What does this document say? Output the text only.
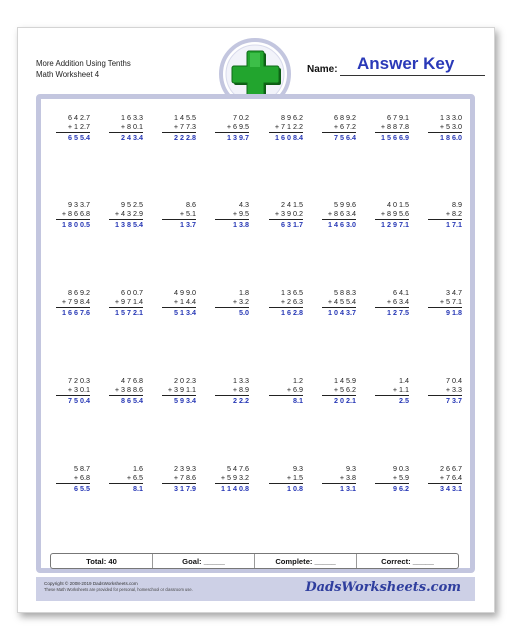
More Addition Using Tenths
Math Worksheet 4	Name: Answer Key
6 4 2.7
+ 1 2.7
6 5 5.4
1 6 3.3
+ 8 0.1
2 4 3.4
1 4 5.5
+ 7 7.3
2 2 2.8
7 0.2
+ 6 9.5
1 3 9.7
8 9 6.2
+ 7 1 2.2
1 6 0 8.4
6 8 9.2
+ 6 7.2
7 5 6.4
6 7 9.1
+ 8 8 7.8
1 5 6 6.9
1 3 3.0
+ 5 3.0
1 8 6.0
9 3 3.7
+ 8 6 6.8
1 8 0 0.5
9 5 2.5
+ 4 3 2.9
1 3 8 5.4
8.6
+ 5.1
1 3.7
4.3
+ 9.5
1 3.8
2 4 1.5
+ 3 9 0.2
6 3 1.7
5 9 9.6
+ 8 6 3.4
1 4 6 3.0
4 0 1.5
+ 8 9 5.6
1 2 9 7.1
8.9
+ 8.2
1 7.1
8 6 9.2
+ 7 9 8.4
1 6 6 7.6
6 0 0.7
+ 9 7 1.4
1 5 7 2.1
4 9 9.0
+ 1 4.4
5 1 3.4
1.8
+ 3.2
5.0
1 3 6.5
+ 2 6.3
1 6 2.8
5 8 8.3
+ 4 5 5.4
1 0 4 3.7
6 4.1
+ 6 3.4
1 2 7.5
3 4.7
+ 5 7.1
9 1.8
7 2 0.3
+ 3 0.1
7 5 0.4
4 7 6.8
+ 3 8 8.6
8 6 5.4
2 0 2.3
+ 3 9 1.1
5 9 3.4
1 3.3
+ 8.9
2 2.2
1.2
+ 6.9
8.1
1 4 5.9
+ 5 6.2
2 0 2.1
1.4
+ 1.1
2.5
7 0.4
+ 3.3
7 3.7
5 8.7
+ 6.8
6 5.5
1.6
+ 6.5
8.1
2 3 9.3
+ 7 8.6
3 1 7.9
5 4 7.6
+ 5 9 3.2
1 1 4 0.8
9.3
+ 1.5
1 0.8
9.3
+ 3.8
1 3.1
9 0.3
+ 5.9
9 6.2
2 6 6.7
+ 7 6.4
3 4 3.1
Total: 40	Goal: _____	Complete: _____	Correct: _____
Copyright © 2008-2019 DadsWorksheets.com
These Math Worksheets are provided for personal, homeschool or classroom use.	DadsWorksheets.com
